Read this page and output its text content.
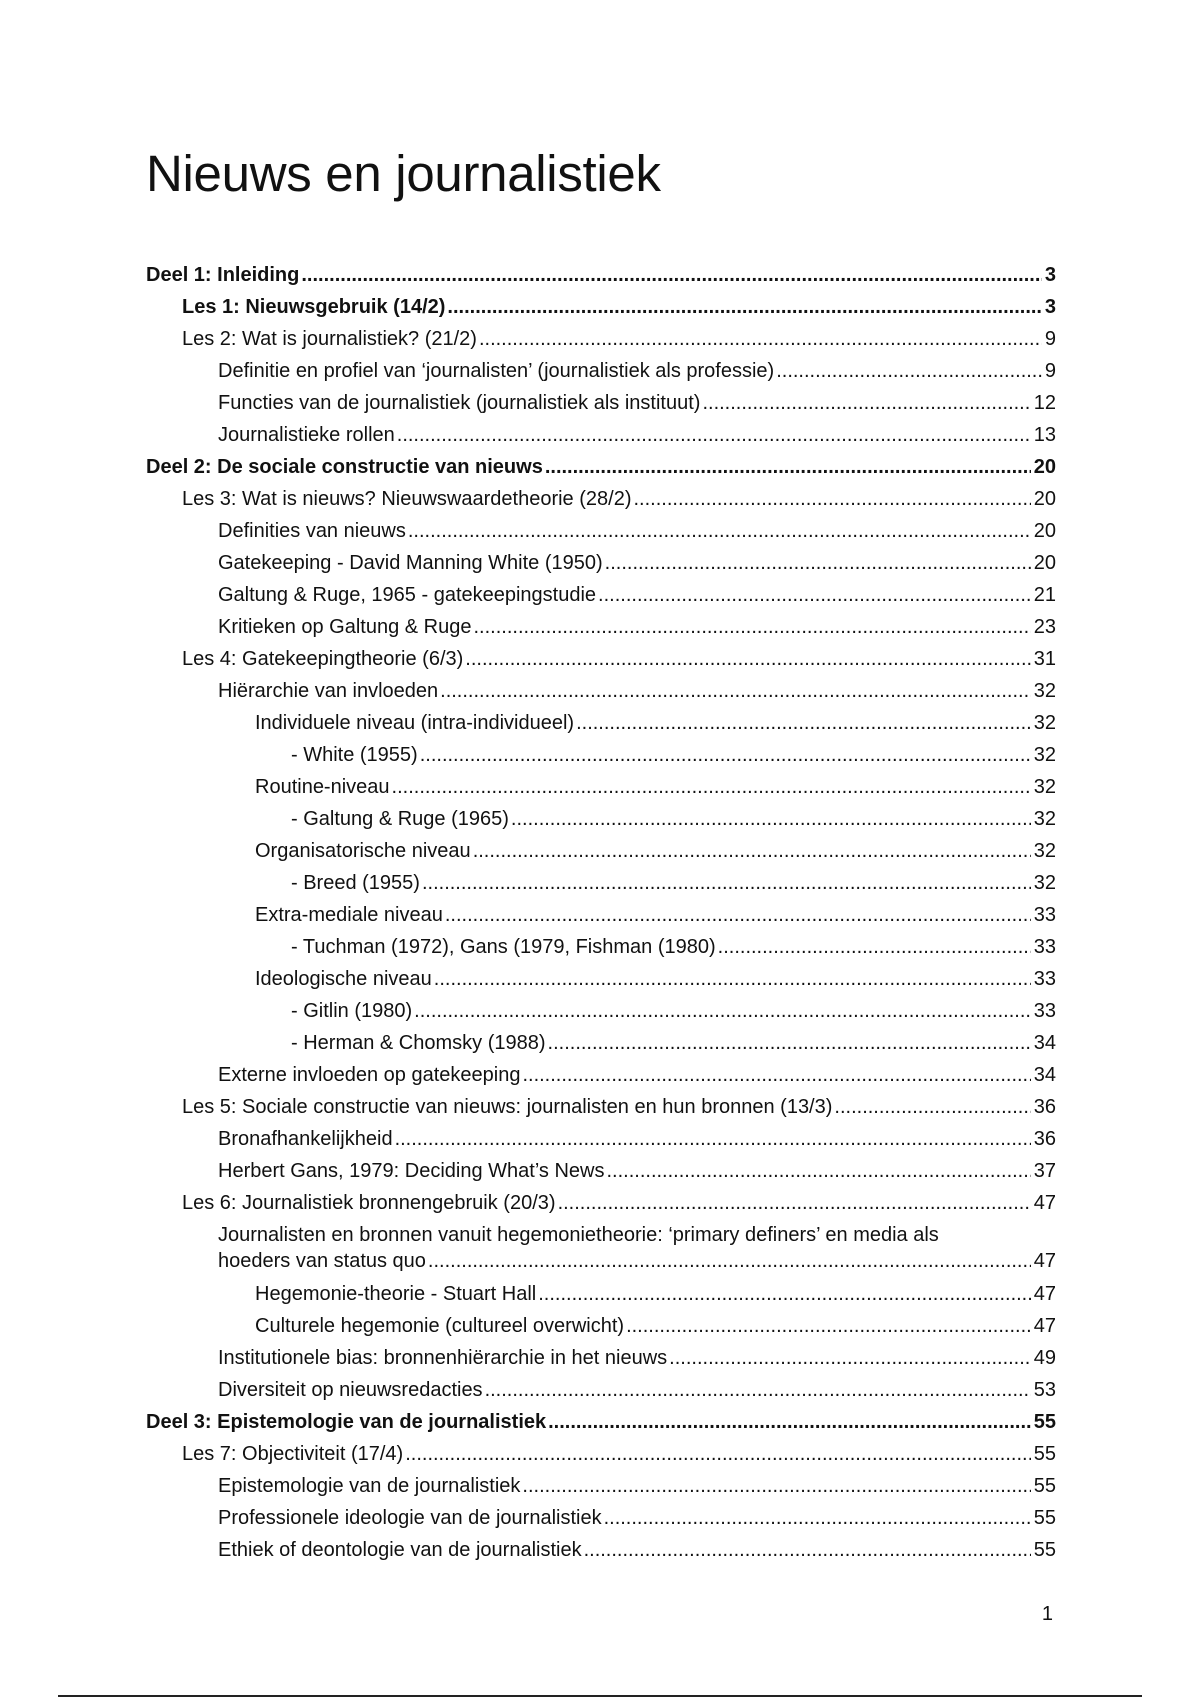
Nieuws en journalistiek
Deel 1: Inleiding .....	3
Les 1: Nieuwsgebruik (14/2) .....	3
Les 2: Wat is journalistiek? (21/2) .....	9
Definitie en profiel van ‘journalisten’ (journalistiek als professie) .....	9
Functies van de journalistiek (journalistiek als instituut) .....	12
Journalistieke rollen .....	13
Deel 2: De sociale constructie van nieuws .....	20
Les 3: Wat is nieuws? Nieuwswaardetheorie (28/2) .....	20
Definities van nieuws .....	20
Gatekeeping - David Manning White (1950) .....	20
Galtung & Ruge, 1965 - gatekeepingstudie .....	21
Kritieken op Galtung & Ruge .....	23
Les 4: Gatekeepingtheorie (6/3) .....	31
Hiërarchie van invloeden .....	32
Individuele niveau (intra-individueel) .....	32
- White (1955) .....	32
Routine-niveau .....	32
- Galtung & Ruge (1965) .....	32
Organisatorische niveau .....	32
- Breed (1955) .....	32
Extra-mediale niveau .....	33
- Tuchman (1972), Gans (1979, Fishman (1980) .....	33
Ideologische niveau .....	33
- Gitlin (1980) .....	33
- Herman & Chomsky (1988) .....	34
Externe invloeden op gatekeeping .....	34
Les 5: Sociale constructie van nieuws: journalisten en hun bronnen (13/3) .....	36
Bronafhankelijkheid .....	36
Herbert Gans, 1979: Deciding What’s News .....	37
Les 6: Journalistiek bronnengebruik (20/3) .....	47
Journalisten en bronnen vanuit hegemonietheorie: ‘primary definers’ en media als
hoeders van status quo .....	47
Hegemonie-theorie - Stuart Hall .....	47
Culturele hegemonie (cultureel overwicht) .....	47
Institutionele bias: bronnenhiërarchie in het nieuws .....	49
Diversiteit op nieuwsredacties .....	53
Deel 3: Epistemologie van de journalistiek .....	55
Les 7: Objectiviteit (17/4) .....	55
Epistemologie van de journalistiek .....	55
Professionele ideologie van de journalistiek .....	55
Ethiek of deontologie van de journalistiek .....	55
1
